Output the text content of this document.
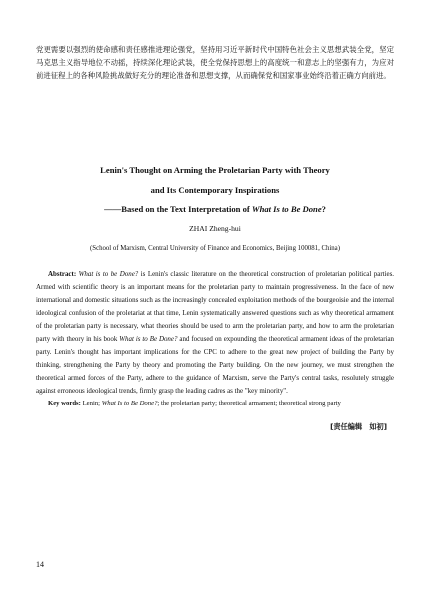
党更需要以强烈的使命感和责任感推进理论强党，坚持用习近平新时代中国特色社会主义思想武装全党，坚定马克思主义指导地位不动摇，持续深化理论武装，使全党保持思想上的高度统一和意志上的坚强有力，为应对前进征程上的各种风险挑战做好充分的理论准备和思想支撑，从而确保党和国家事业始终沿着正确方向前进。
Lenin's Thought on Arming the Proletarian Party with Theory
and Its Contemporary Inspirations
——Based on the Text Interpretation of What Is to Be Done?
ZHAI Zheng-hui
(School of Marxism, Central University of Finance and Economics, Beijing 100081, China)
Abstract: What is to be Done? is Lenin's classic literature on the theoretical construction of proletarian political parties. Armed with scientific theory is an important means for the proletarian party to maintain progressiveness. In the face of new international and domestic situations such as the increasingly concealed exploitation methods of the bourgeoisie and the internal ideological confusion of the proletariat at that time, Lenin systematically answered questions such as why theoretical armament of the proletarian party is necessary, what theories should be used to arm the proletarian party, and how to arm the proletarian party with theory in his book What is to Be Done? and focused on expounding the theoretical armament ideas of the proletarian party. Lenin's thought has important implications for the CPC to adhere to the great new project of building the Party by thinking, strengthening the Party by theory and promoting the Party building. On the new journey, we must strengthen the theoretical armed forces of the Party, adhere to the guidance of Marxism, serve the Party's central tasks, resolutely struggle against erroneous ideological trends, firmly grasp the leading cadres as the "key minority".
Key words: Lenin; What Is to Be Done?; the proletarian party; theoretical armament; theoretical strong party
[责任编辑　如初]
14
